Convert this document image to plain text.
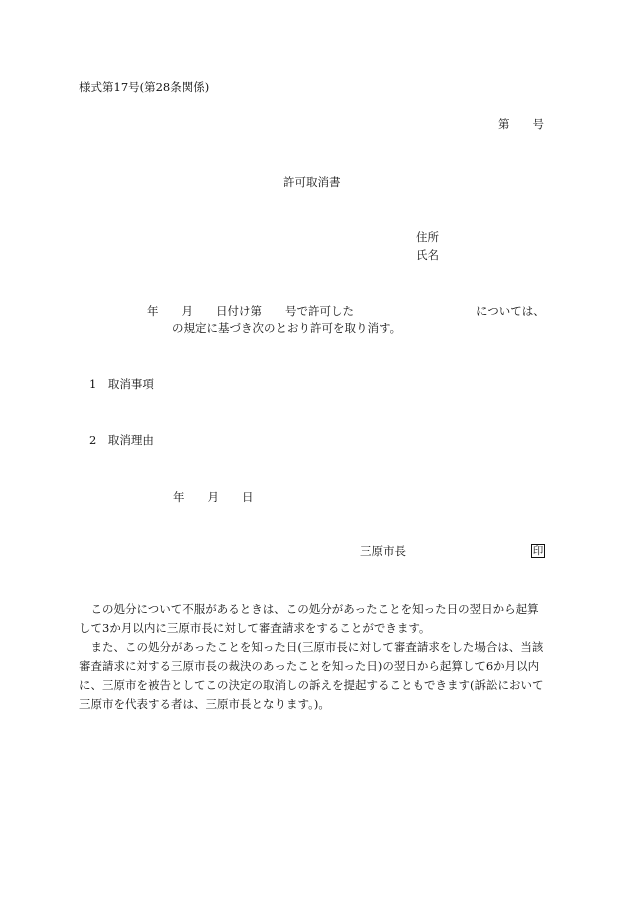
様式第17号(第28条関係)
第　　号
許可取消書
住所
氏名
年　　月　　日付け第　　号で許可した	については、
の規定に基づき次のとおり許可を取り消す。
1　取消事項
2　取消理由
年　　月　　日
三原市長	印

この処分について不服があるときは、この処分があったことを知った日の翌日から起算して3か月以内に三原市長に対して審査請求をすることができます。

また、この処分があったことを知った日(三原市長に対して審査請求をした場合は、当該審査請求に対する三原市長の裁決のあったことを知った日)の翌日から起算して6か月以内に、三原市を被告としてこの決定の取消しの訴えを提起することもできます(訴訟において三原市を代表する者は、三原市長となります。)。
